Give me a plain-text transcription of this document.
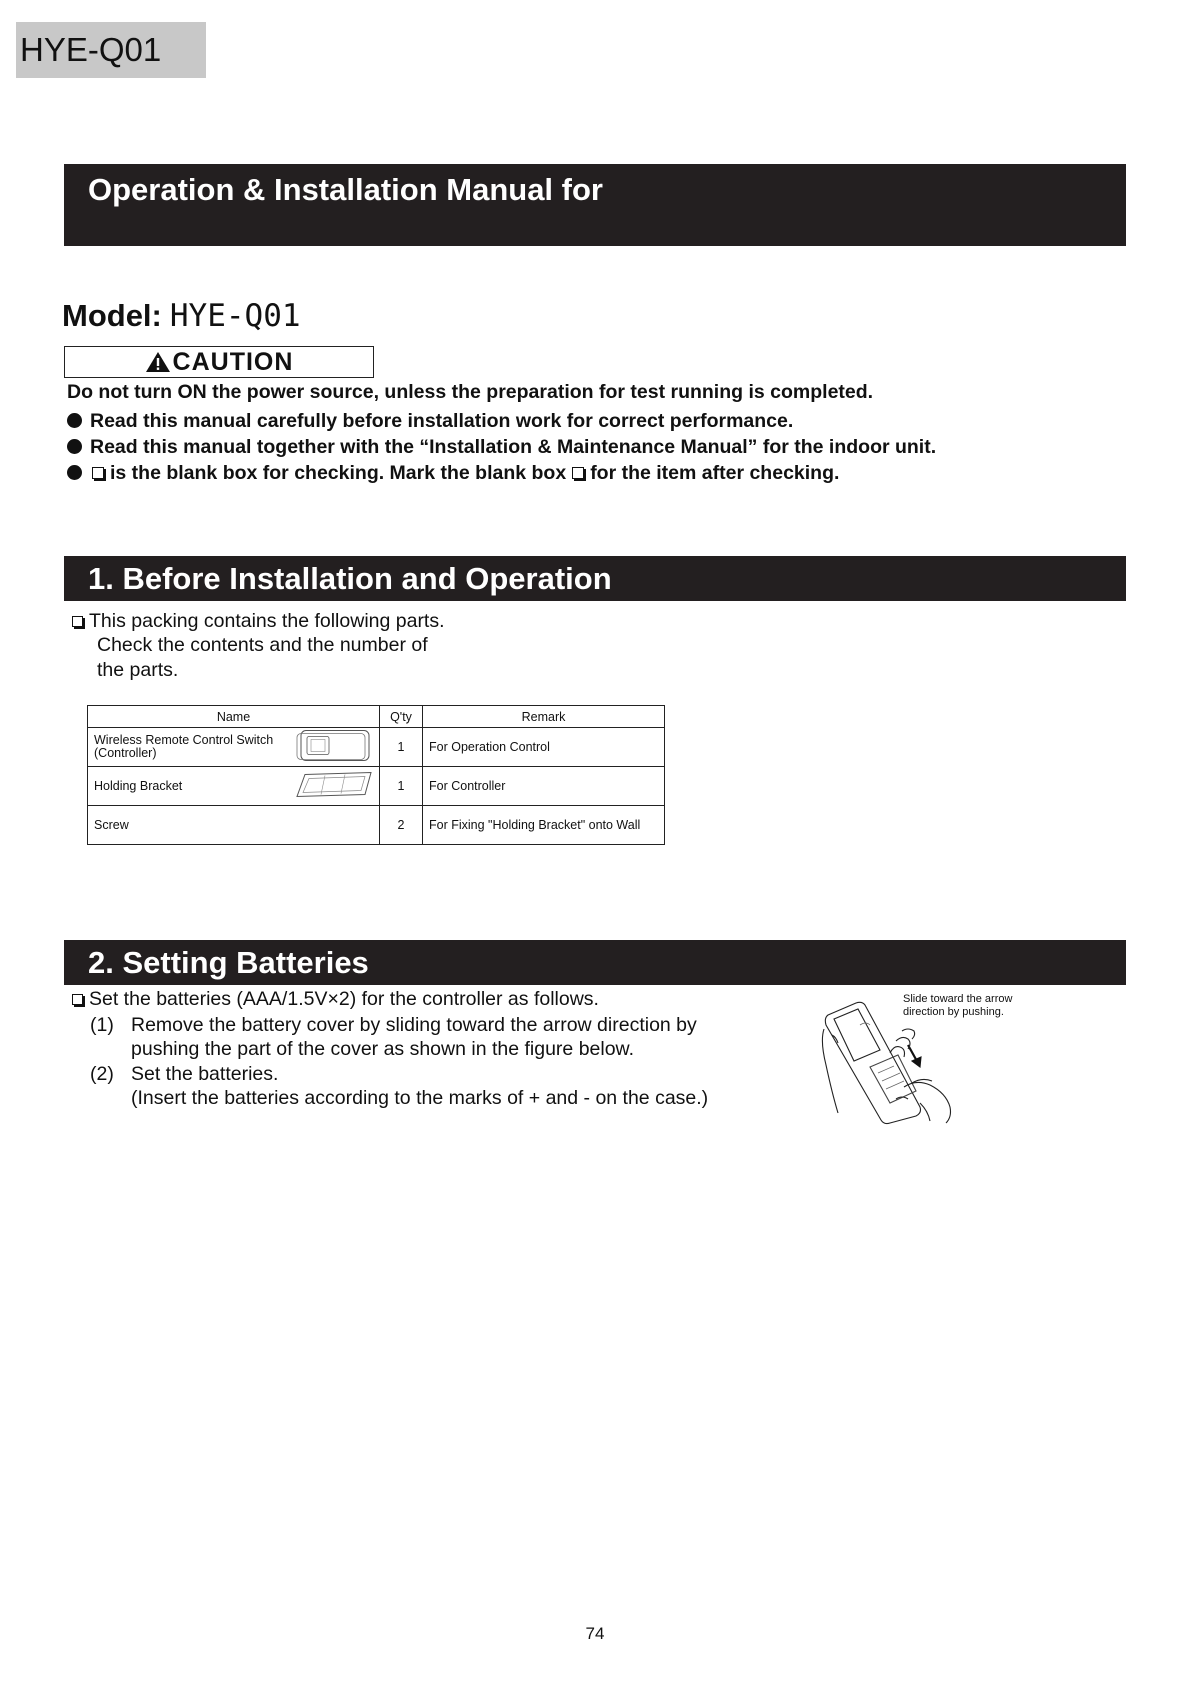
HYE-Q01
Operation & Installation Manual for
Model: HYE-Q01
CAUTION
Do not turn ON the power source, unless the preparation for test running is completed.
Read this manual carefully before installation work for correct performance.
Read this manual together with the “Installation & Maintenance Manual” for the indoor unit.
is the blank box for checking. Mark the blank box for the item after checking.
1. Before Installation and Operation
This packing contains the following parts.
Check the contents and the number of
the parts.
Name	Q'ty	Remark

Wireless Remote Control Switch (Controller)	1	For Operation Control
Holding Bracket	1	For Controller
Screw	2	For Fixing "Holding Bracket" onto Wall
2. Setting Batteries
Set the batteries (AAA/1.5V×2) for the controller as follows.
(1) Remove the battery cover by sliding toward the arrow direction by
pushing the part of the cover as shown in the figure below.
(2) Set the batteries.
(Insert the batteries according to the marks of + and - on the case.)
Slide toward the arrow
direction by pushing.
74
